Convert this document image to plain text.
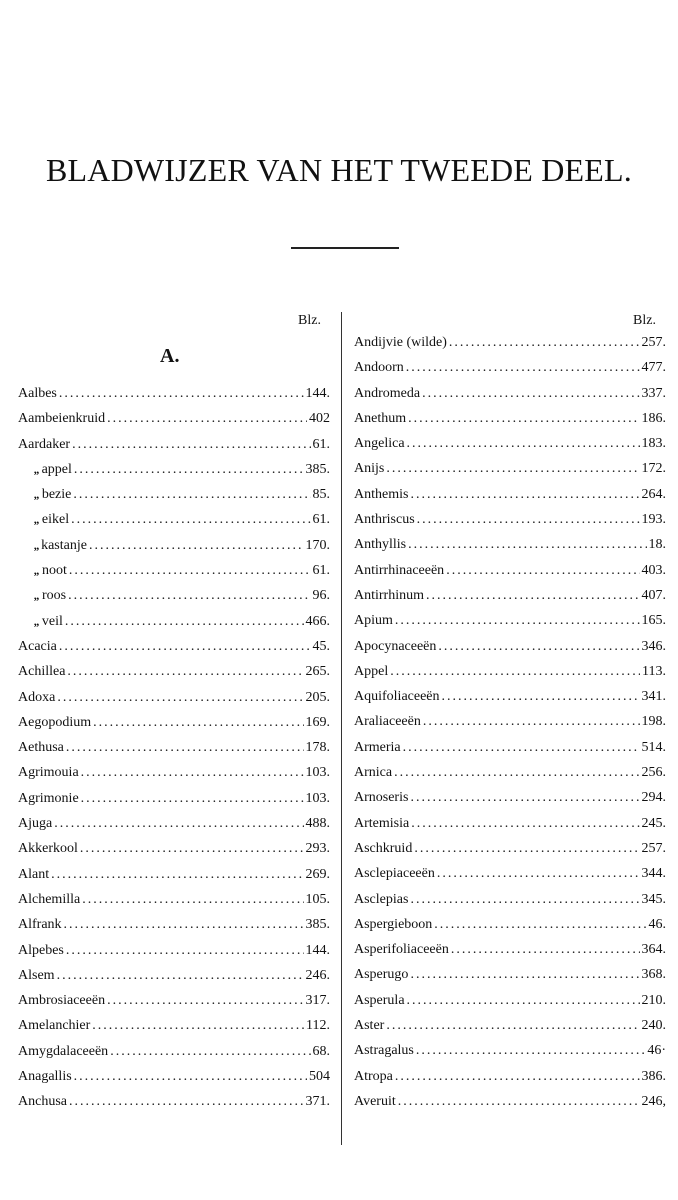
BLADWIJZER VAN HET TWEEDE DEEL.
Blz.	Blz.
A.
Aalbes .....	144.
Aambeienkruid .....	402
Aardaker .....	61.
„ appel .....	385.
„ bezie .....	85.
„ eikel .....	61.
„ kastanje .....	170.
„ noot .....	61.
„ roos .....	96.
„ veil .....	466.
Acacia .....	45.
Achillea .....	265.
Adoxa .....	205.
Aegopodium .....	169.
Aethusa .....	178.
Agrimouia .....	103.
Agrimonie .....	103.
Ajuga .....	488.
Akkerkool .....	293.
Alant .....	269.
Alchemilla .....	105.
Alfrank .....	385.
Alpebes .....	144.
Alsem .....	246.
Ambrosiaceeën .....	317.
Amelanchier .....	112.
Amygdalaceeën .....	68.
Anagallis .....	504
Anchusa .....	371.
Andijvie (wilde) .....	257.
Andoorn .....	477.
Andromeda .....	337.
Anethum .....	186.
Angelica .....	183.
Anijs .....	172.
Anthemis .....	264.
Anthriscus .....	193.
Anthyllis .....	18.
Antirrhinaceeën .....	403.
Antirrhinum .....	407.
Apium .....	165.
Apocynaceeën .....	346.
Appel .....	113.
Aquifoliaceeën .....	341.
Araliaceeën .....	198.
Armeria .....	514.
Arnica .....	256.
Arnoseris .....	294.
Artemisia .....	245.
Aschkruid .....	257.
Asclepiaceeën .....	344.
Asclepias .....	345.
Aspergieboon .....	46.
Asperifoliaceeën .....	364.
Asperugo .....	368.
Asperula .....	210.
Aster .....	240.
Astragalus .....	46·
Atropa .....	386.
Averuit .....	246,
